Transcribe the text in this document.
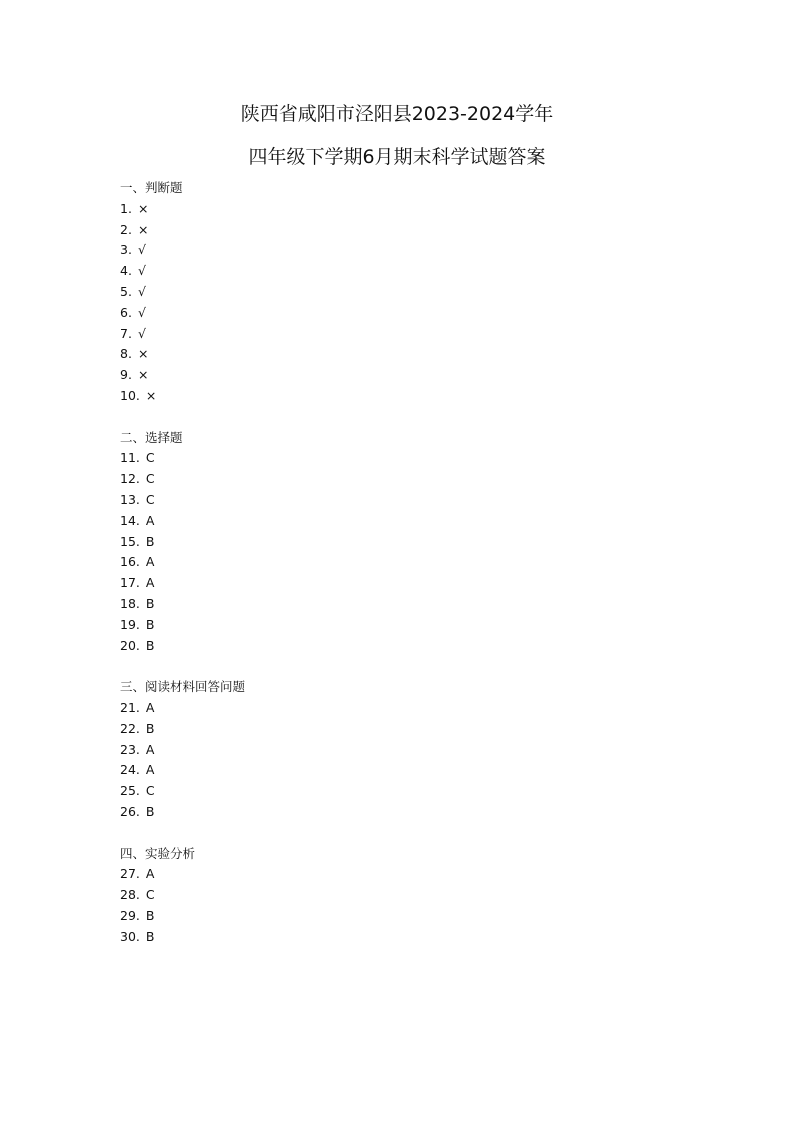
陕西省咸阳市泾阳县2023-2024学年
四年级下学期6月期末科学试题答案
一、判断题
1. ×
2. ×
3. √
4. √
5. √
6. √
7. √
8. ×
9. ×
10. ×
二、选择题
11. C
12. C
13. C
14. A
15. B
16. A
17. A
18. B
19. B
20. B
三、阅读材料回答问题
21. A
22. B
23. A
24. A
25. C
26. B
四、实验分析
27. A
28. C
29. B
30. B
